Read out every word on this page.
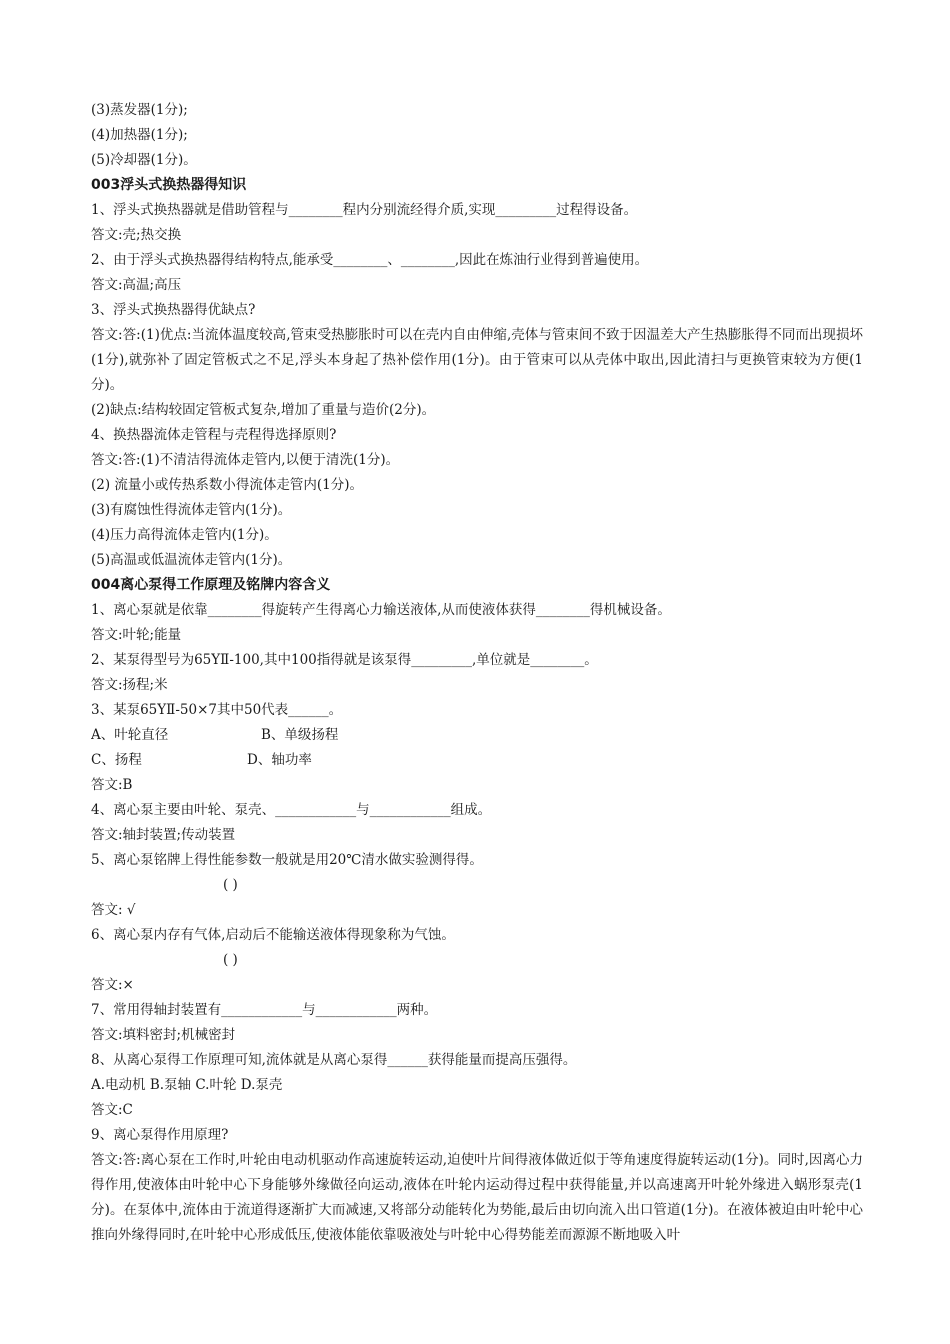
(3)蒸发器(1分);
(4)加热器(1分);
(5)冷却器(1分)。
003浮头式换热器得知识
1、浮头式换热器就是借助管程与________程内分别流经得介质,实现_________过程得设备。
答文:壳;热交换
2、由于浮头式换热器得结构特点,能承受________、________,因此在炼油行业得到普遍使用。
答文:高温;高压
3、浮头式换热器得优缺点?
答文:答:(1)优点:当流体温度较高,管束受热膨胀时可以在壳内自由伸缩,壳体与管束间不致于因温差大产生热膨胀得不同而出现损坏(1分),就弥补了固定管板式之不足,浮头本身起了热补偿作用(1分)。由于管束可以从壳体中取出,因此清扫与更换管束较为方便(1分)。
(2)缺点:结构较固定管板式复杂,增加了重量与造价(2分)。
4、换热器流体走管程与壳程得选择原则?
答文:答:(1)不清洁得流体走管内,以便于清洗(1分)。
(2) 流量小或传热系数小得流体走管内(1分)。
(3)有腐蚀性得流体走管内(1分)。
(4)压力高得流体走管内(1分)。
(5)高温或低温流体走管内(1分)。
004离心泵得工作原理及铭牌内容含义
1、离心泵就是依靠________得旋转产生得离心力输送液体,从而使液体获得________得机械设备。
答文:叶轮;能量
2、某泵得型号为65YⅡ-100,其中100指得就是该泵得_________,单位就是________。
答文:扬程;米
3、某泵65YⅡ-50×7其中50代表______。
A、叶轮直径	B、单级扬程
C、扬程	D、轴功率
答文:B
4、离心泵主要由叶轮、泵壳、____________与____________组成。
答文:轴封装置;传动装置
5、离心泵铭牌上得性能参数一般就是用20℃清水做实验测得得。
( )
答文: √
6、离心泵内存有气体,启动后不能输送液体得现象称为气蚀。
( )
答文:×
7、常用得轴封装置有____________与____________两种。
答文:填料密封;机械密封
8、从离心泵得工作原理可知,流体就是从离心泵得______获得能量而提高压强得。
A.电动机 B.泵轴 C.叶轮 D.泵壳
答文:C
9、离心泵得作用原理?
答文:答:离心泵在工作时,叶轮由电动机驱动作高速旋转运动,迫使叶片间得液体做近似于等角速度得旋转运动(1分)。同时,因离心力得作用,使液体由叶轮中心下身能够外缘做径向运动,液体在叶轮内运动得过程中获得能量,并以高速离开叶轮外缘进入蜗形泵壳(1分)。在泵体中,流体由于流道得逐渐扩大而减速,又将部分动能转化为势能,最后由切向流入出口管道(1分)。在液体被迫由叶轮中心推向外缘得同时,在叶轮中心形成低压,使液体能依靠吸液处与叶轮中心得势能差而源源不断地吸入叶
